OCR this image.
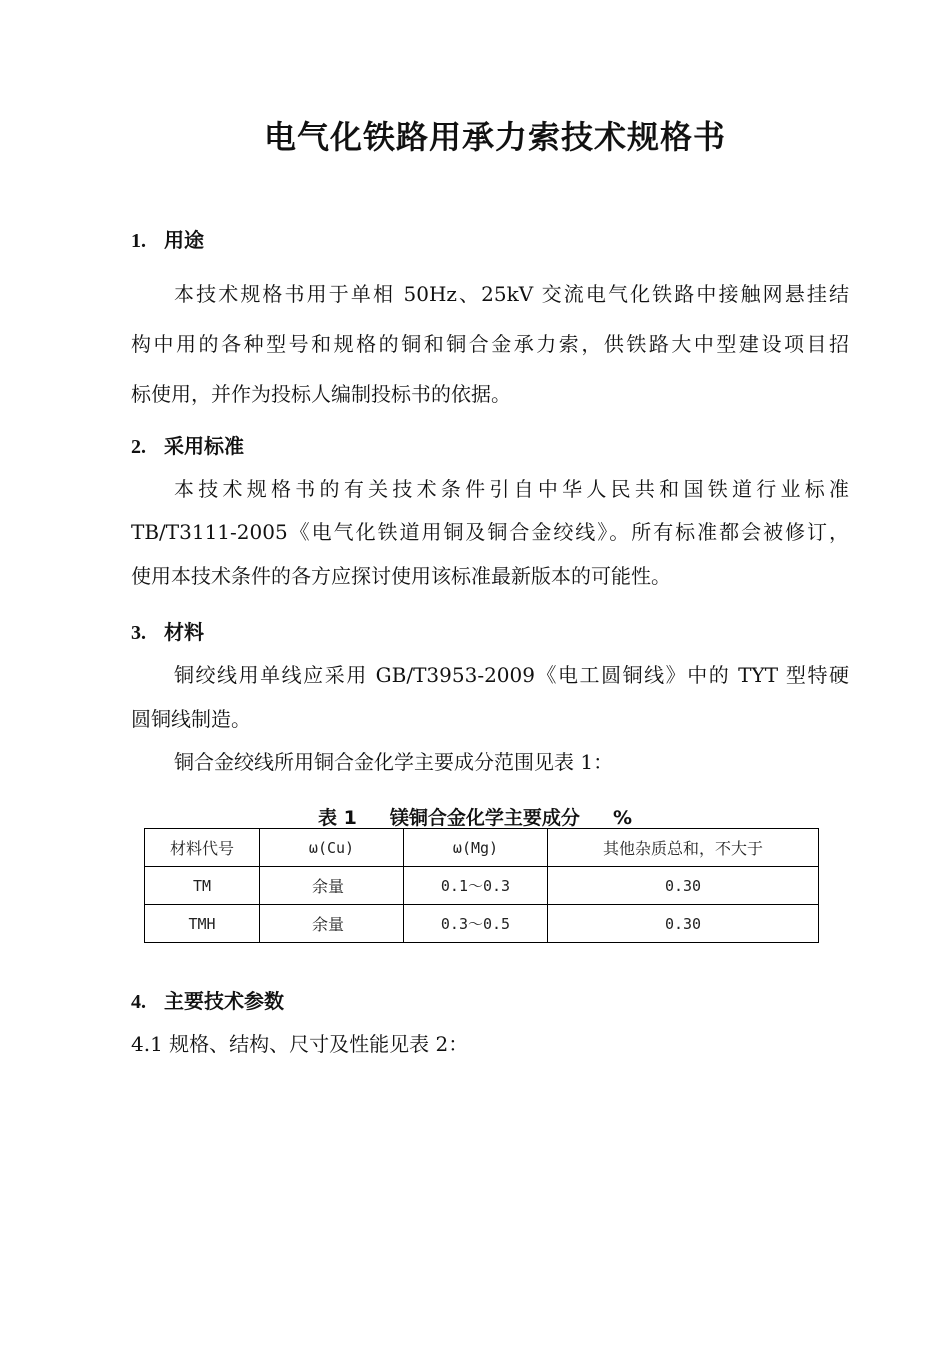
电气化铁路用承力索技术规格书
1. 用途
本技术规格书用于单相 50Hz、25kV 交流电气化铁路中接触网悬挂结
构中用的各种型号和规格的铜和铜合金承力索，供铁路大中型建设项目招
标使用，并作为投标人编制投标书的依据。
2. 采用标准
本技术规格书的有关技术条件引自中华人民共和国铁道行业标准
TB/T3111-2005《电气化铁道用铜及铜合金绞线》。所有标准都会被修订，
使用本技术条件的各方应探讨使用该标准最新版本的可能性。
3. 材料
铜绞线用单线应采用 GB/T3953-2009《电工圆铜线》中的 TYT 型特硬
圆铜线制造。
铜合金绞线所用铜合金化学主要成分范围见表 1：
表 1     镁铜合金化学主要成分     %
材料代号	ω(Cu)	ω(Mg)	其他杂质总和，不大于
TM	余量	0.1～0.3	0.30
TMH	余量	0.3～0.5	0.30
4. 主要技术参数
4.1 规格、结构、尺寸及性能见表 2：
